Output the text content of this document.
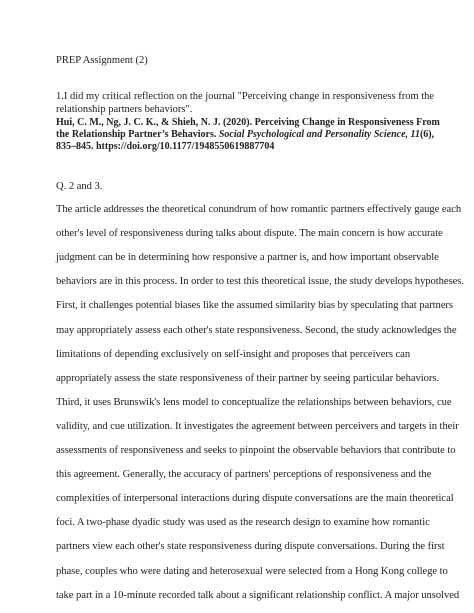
PREP Assignment (2)
1.I did my critical reflection on the journal "Perceiving change in responsiveness from the
relationship partners behaviors".
Hui, C. M., Ng, J. C. K., & Shieh, N. J. (2020). Perceiving Change in Responsiveness From
the Relationship Partner’s Behaviors. Social Psychological and Personality Science, 11(6),
835–845. https://doi.org/10.1177/1948550619887704
Q. 2 and 3.
The article addresses the theoretical conundrum of how romantic partners effectively gauge each
other's level of responsiveness during talks about dispute. The main concern is how accurate
judgment can be in determining how responsive a partner is, and how important observable
behaviors are in this process. In order to test this theoretical issue, the study develops hypotheses.
First, it challenges potential biases like the assumed similarity bias by speculating that partners
may appropriately assess each other's state responsiveness. Second, the study acknowledges the
limitations of depending exclusively on self-insight and proposes that perceivers can
appropriately assess the state responsiveness of their partner by seeing particular behaviors.
Third, it uses Brunswik's lens model to conceptualize the relationships between behaviors, cue
validity, and cue utilization. It investigates the agreement between perceivers and targets in their
assessments of responsiveness and seeks to pinpoint the observable behaviors that contribute to
this agreement. Generally, the accuracy of partners' perceptions of responsiveness and the
complexities of interpersonal interactions during dispute conversations are the main theoretical
foci. A two-phase dyadic study was used as the research design to examine how romantic
partners view each other's state responsiveness during dispute conversations. During the first
phase, couples who were dating and heterosexual were selected from a Hong Kong college to
take part in a 10-minute recorded talk about a significant relationship conflict. A major unsolved
